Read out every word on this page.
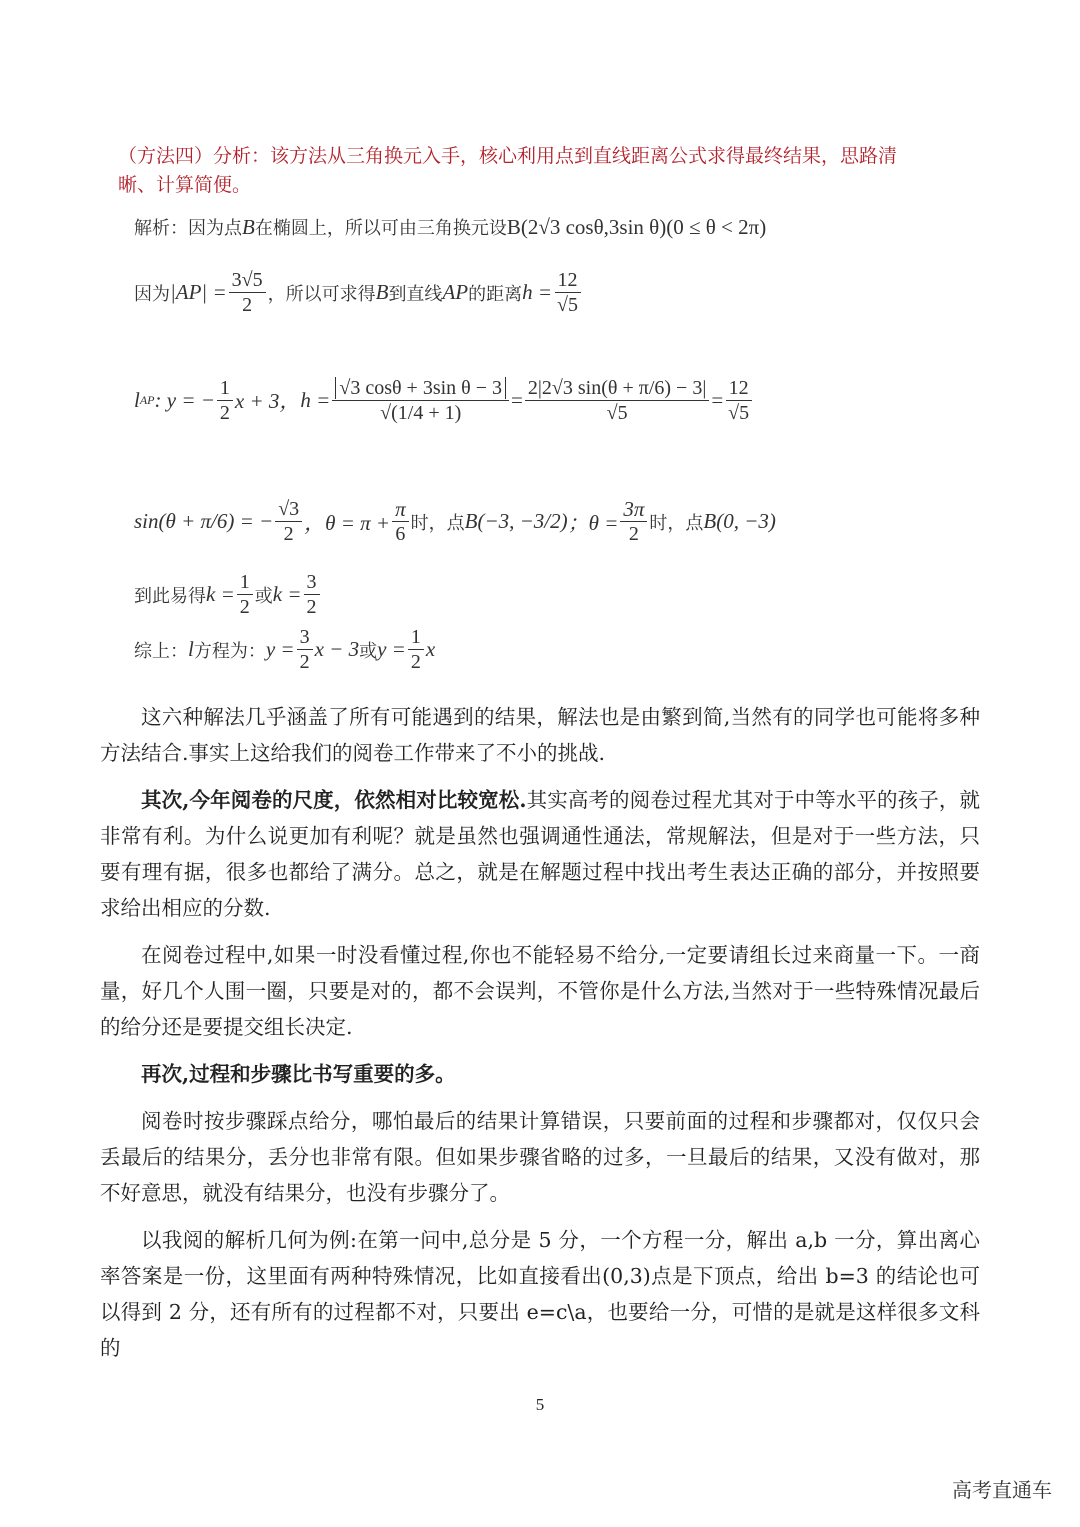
（方法四）分析：该方法从三角换元入手，核心利用点到直线距离公式求得最终结果，思路清晰、计算简便。
解析：因为点 B 在椭圆上，所以可由三角换元设 B(2√3 cosθ,3sin θ)(0 ≤ θ < 2π)
因为 $|AP| = \frac{3√5}{2}$ ，所以可求得 B 到直线 AP 的距离 $h = \frac{12}{√5}$
l AP : y = − $\frac{1}{2}$ x + 3， $h = \frac{\text{√3 cosθ + 3sin θ − 3}}{√(1/4 + 1)} = \frac{2|2√3 \sin(\theta + \pi/6) - 3|}{√5} = \frac{12}{√5}$
sin(θ + π/6) = − $\frac{√3}{2}$ ，$\theta = \pi + \frac{\pi}{6}$ 时，点 B(−3, −3/2) ；$\theta = \frac{3\pi}{2}$ 时，点 B(0, −3)
到此易得 $k = \frac{1}{2}$ 或 $k = \frac{3}{2}$
综上： l 方程为： $y = \frac{3}{2}$ x − 3 或 $y = \frac{1}{2}$ x

这六种解法几乎涵盖了所有可能遇到的结果，解法也是由繁到简,当然有的同学也可能将多种方法结合.事实上这给我们的阅卷工作带来了不小的挑战.

其次,今年阅卷的尺度，依然相对比较宽松.其实高考的阅卷过程尤其对于中等水平的孩子，就非常有利。为什么说更加有利呢？就是虽然也强调通性通法，常规解法，但是对于一些方法，只要有理有据，很多也都给了满分。总之，就是在解题过程中找出考生表达正确的部分，并按照要求给出相应的分数.

在阅卷过程中,如果一时没看懂过程,你也不能轻易不给分,一定要请组长过来商量一下。一商量，好几个人围一圈，只要是对的，都不会误判，不管你是什么方法,当然对于一些特殊情况最后的给分还是要提交组长决定.

再次,过程和步骤比书写重要的多。

阅卷时按步骤踩点给分，哪怕最后的结果计算错误，只要前面的过程和步骤都对，仅仅只会丢最后的结果分，丢分也非常有限。但如果步骤省略的过多，一旦最后的结果，又没有做对，那不好意思，就没有结果分，也没有步骤分了。

以我阅的解析几何为例:在第一问中,总分是 5 分，一个方程一分，解出 a,b 一分，算出离心率答案是一份，这里面有两种特殊情况，比如直接看出(0,3)点是下顶点，给出 b=3 的结论也可以得到 2 分，还有所有的过程都不对，只要出 e=c\a，也要给一分，可惜的是就是这样很多文科的

5
高考直通车
